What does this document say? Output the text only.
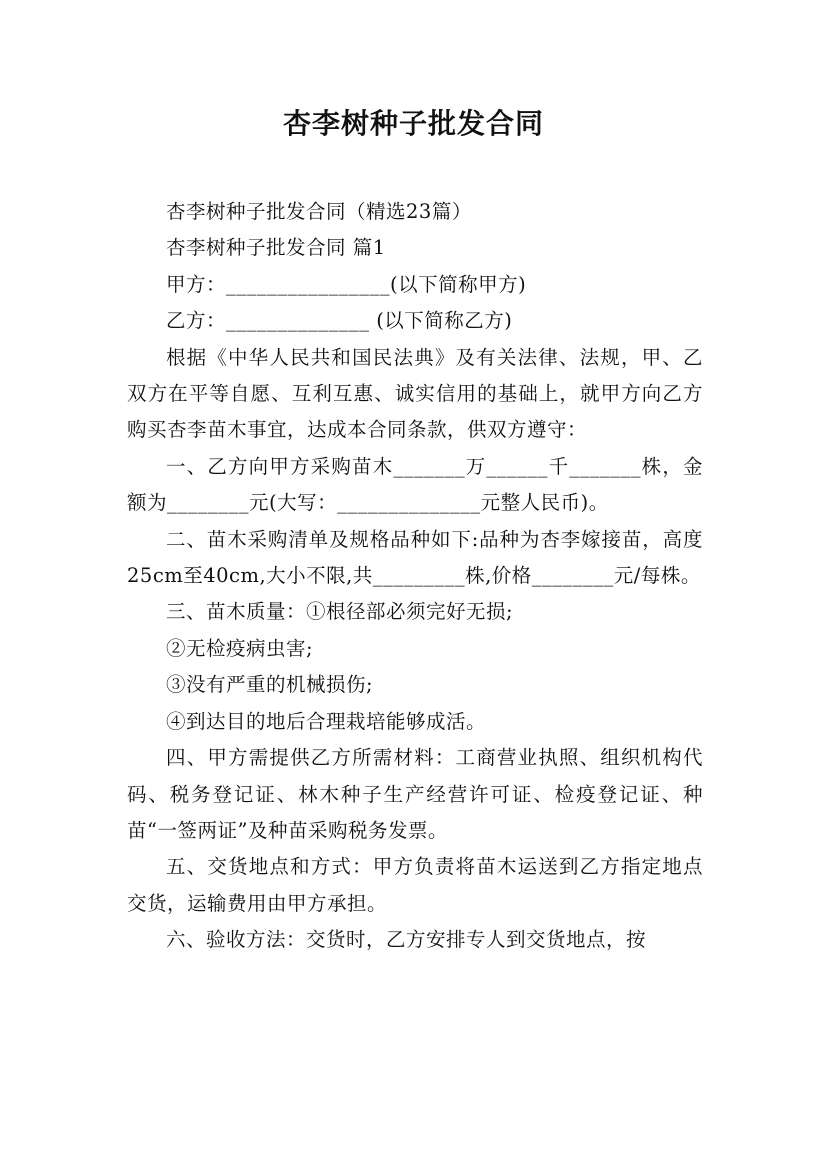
杏李树种子批发合同

杏李树种子批发合同（精选23篇）

杏李树种子批发合同 篇1

甲方：________________(以下简称甲方)

乙方：______________ (以下简称乙方)

根据《中华人民共和国民法典》及有关法律、法规，甲、乙双方在平等自愿、互利互惠、诚实信用的基础上，就甲方向乙方购买杏李苗木事宜，达成本合同条款，供双方遵守：

一、乙方向甲方采购苗木_______万______千_______株，金额为________元(大写：______________元整人民币)。

二、苗木采购清单及规格品种如下:品种为杏李嫁接苗，高度25cm至40cm,大小不限,共_________株,价格________元/每株。

三、苗木质量：①根径部必须完好无损;

②无检疫病虫害;

③没有严重的机械损伤;

④到达目的地后合理栽培能够成活。

四、甲方需提供乙方所需材料：工商营业执照、组织机构代码、税务登记证、林木种子生产经营许可证、检疫登记证、种苗“一签两证”及种苗采购税务发票。

五、交货地点和方式：甲方负责将苗木运送到乙方指定地点交货，运输费用由甲方承担。

六、验收方法：交货时，乙方安排专人到交货地点，按
